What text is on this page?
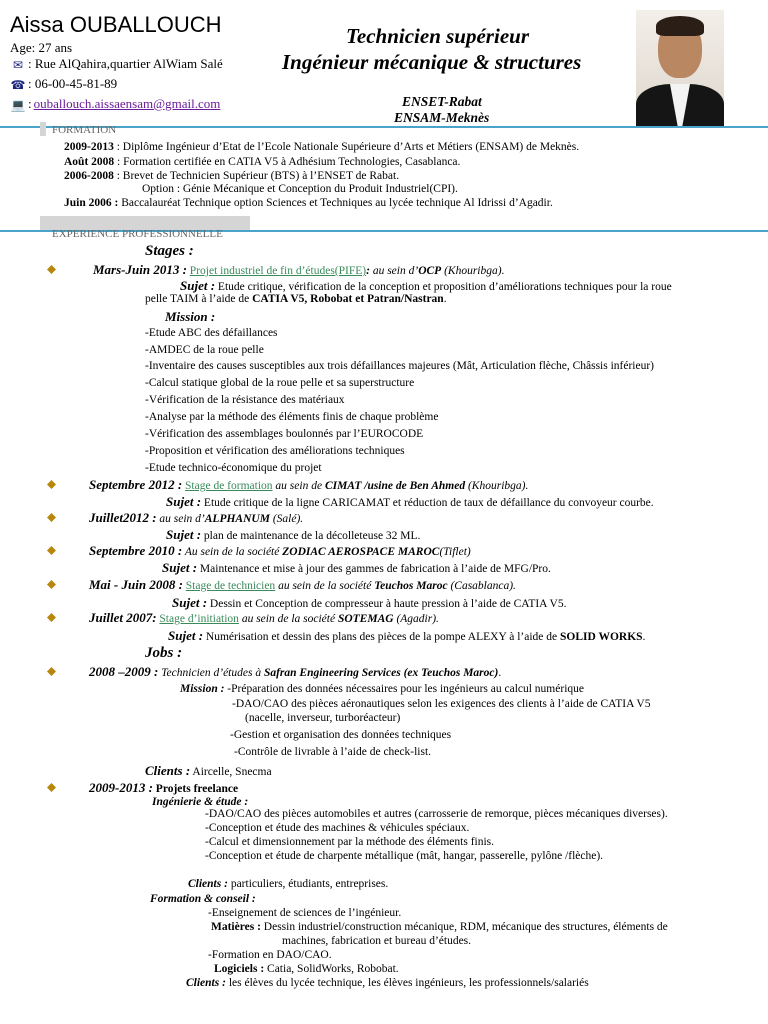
Aissa OUBALLOUCH
Age: 27 ans
✉ : Rue AlQahira,quartier AlWiam Salé
☎ : 06-00-45-81-89
💻 : ouballouch.aissaensam@gmail.com
Technicien supérieur
Ingénieur mécanique & structures
ENSET-Rabat
ENSAM-Meknès
FORMATION
2009-2013 : Diplôme Ingénieur d’Etat de l’Ecole Nationale Supérieure d’Arts et Métiers (ENSAM) de Meknès.
Août 2008 : Formation certifiée en CATIA V5 à Adhésium Technologies, Casablanca.
2006-2008 : Brevet de Technicien Supérieur (BTS) à l’ENSET de Rabat.
Option : Génie Mécanique et Conception du Produit Industriel(CPI).
Juin 2006 : Baccalauréat Technique option Sciences et Techniques au lycée technique Al Idrissi d’Agadir.
EXPERIENCE PROFESSIONNELLE
Stages :
Mars-Juin 2013 : Projet industriel de fin d’études(PIFE): au sein d’OCP (Khouribga).
Sujet : Etude critique, vérification de la conception et proposition d’améliorations techniques pour la roue
pelle TAIM à l’aide de CATIA V5, Robobat et Patran/Nastran.
Mission :
-Etude ABC des défaillances
-AMDEC de la roue pelle
-Inventaire des causes susceptibles aux trois défaillances majeures (Mât, Articulation flèche, Châssis inférieur)
-Calcul statique global de la roue pelle et sa superstructure
-Vérification de la résistance des matériaux
-Analyse par la méthode des éléments finis de chaque problème
-Vérification des assemblages boulonnés par l’EUROCODE
-Proposition et vérification des améliorations techniques
-Etude technico-économique du projet
Septembre 2012 : Stage de formation au sein de CIMAT /usine de Ben Ahmed (Khouribga).
Sujet : Etude critique de la ligne CARICAMAT et réduction de taux de défaillance du convoyeur courbe.
Juillet2012 : au sein d’ALPHANUM (Salé).
Sujet : plan de maintenance de la décolleteuse 32 ML.
Septembre 2010 : Au sein de la société ZODIAC AEROSPACE MAROC(Tiflet)
Sujet : Maintenance et mise à jour des gammes de fabrication à l’aide de MFG/Pro.
Mai - Juin 2008 : Stage de technicien au sein de la société Teuchos Maroc (Casablanca).
Sujet : Dessin et Conception de compresseur à haute pression à l’aide de CATIA V5.
Juillet 2007: Stage d’initiation au sein de la société SOTEMAG (Agadir).
Sujet : Numérisation et dessin des plans des pièces de la pompe ALEXY à l’aide de SOLID WORKS.
Jobs :
2008 –2009 : Technicien d’études à Safran Engineering Services (ex Teuchos Maroc).
Mission : -Préparation des données nécessaires pour les ingénieurs au calcul numérique
-DAO/CAO des pièces aéronautiques selon les exigences des clients à l’aide de CATIA V5
(nacelle, inverseur, turboréacteur)
-Gestion et organisation des données techniques
-Contrôle de livrable à l’aide de check-list.
Clients : Aircelle, Snecma
2009-2013 : Projets freelance
Ingénierie & étude :
-DAO/CAO des pièces automobiles et autres (carrosserie de remorque, pièces mécaniques diverses).
-Conception et étude des machines & véhicules spéciaux.
-Calcul et dimensionnement par la méthode des éléments finis.
-Conception et étude de charpente métallique (mât, hangar, passerelle, pylône /flèche).
Clients : particuliers, étudiants, entreprises.
Formation & conseil :
-Enseignement de sciences de l’ingénieur.
Matières : Dessin industriel/construction mécanique, RDM, mécanique des structures, éléments de
machines, fabrication et bureau d’études.
-Formation en DAO/CAO.
Logiciels : Catia, SolidWorks, Robobat.
Clients : les élèves du lycée technique, les élèves ingénieurs, les professionnels/salariés
